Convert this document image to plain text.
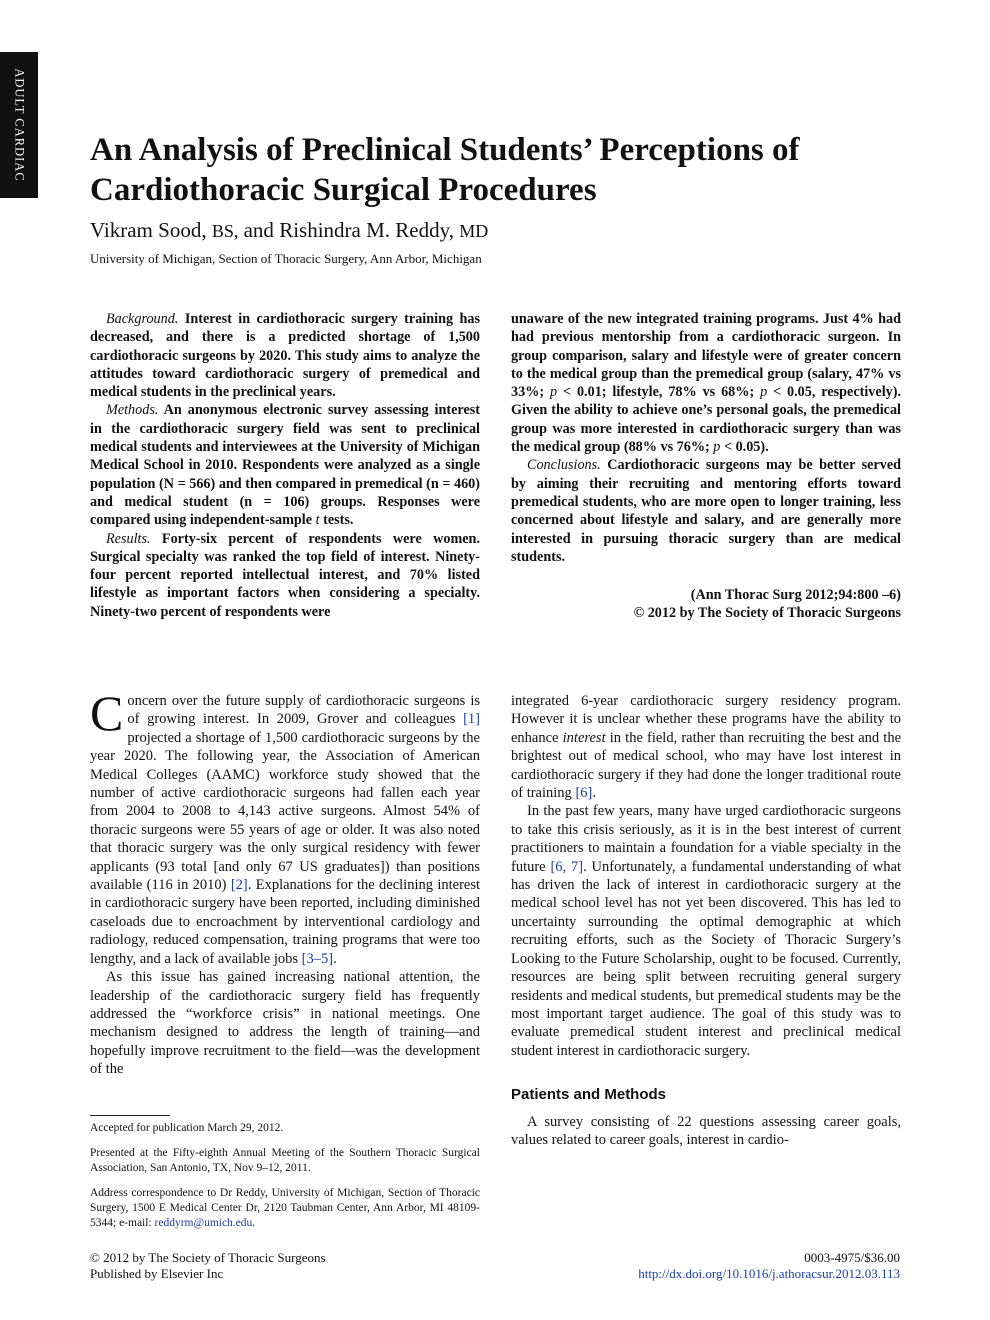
ADULT CARDIAC An Analysis of Preclinical Students’ Perceptions of Cardiothoracic Surgical Procedures

Vikram Sood, BS, and Rishindra M. Reddy, MD

University of Michigan, Section of Thoracic Surgery, Ann Arbor, Michigan

Background. Interest in cardiothoracic surgery training has decreased, and there is a predicted shortage of 1,500 cardiothoracic surgeons by 2020. This study aims to analyze the attitudes toward cardiothoracic surgery of premedical and medical students in the preclinical years.

Methods. An anonymous electronic survey assessing interest in the cardiothoracic surgery field was sent to preclinical medical students and interviewees at the University of Michigan Medical School in 2010. Respondents were analyzed as a single population (N = 566) and then compared in premedical (n = 460) and medical student (n = 106) groups. Responses were compared using independent-sample t tests.

Results. Forty-six percent of respondents were women. Surgical specialty was ranked the top field of interest. Ninety-four percent reported intellectual interest, and 70% listed lifestyle as important factors when considering a specialty. Ninety-two percent of respondents were

unaware of the new integrated training programs. Just 4% had had previous mentorship from a cardiothoracic surgeon. In group comparison, salary and lifestyle were of greater concern to the medical group than the premedical group (salary, 47% vs 33%; p < 0.01; lifestyle, 78% vs 68%; p < 0.05, respectively). Given the ability to achieve one’s personal goals, the premedical group was more interested in cardiothoracic surgery than was the medical group (88% vs 76%; p < 0.05).

Conclusions. Cardiothoracic surgeons may be better served by aiming their recruiting and mentoring efforts toward premedical students, who are more open to longer training, less concerned about lifestyle and salary, and are generally more interested in pursuing thoracic surgery than are medical students.

(Ann Thorac Surg 2012;94:800 –6)
© 2012 by The Society of Thoracic Surgeons

Concern over the future supply of cardiothoracic surgeons is of growing interest. In 2009, Grover and colleagues [1] projected a shortage of 1,500 cardiothoracic surgeons by the year 2020. The following year, the Association of American Medical Colleges (AAMC) workforce study showed that the number of active cardiothoracic surgeons had fallen each year from 2004 to 2008 to 4,143 active surgeons. Almost 54% of thoracic surgeons were 55 years of age or older. It was also noted that thoracic surgery was the only surgical residency with fewer applicants (93 total [and only 67 US graduates]) than positions available (116 in 2010) [2]. Explanations for the declining interest in cardiothoracic surgery have been reported, including diminished caseloads due to encroachment by interventional cardiology and radiology, reduced compensation, training programs that were too lengthy, and a lack of available jobs [3–5].

As this issue has gained increasing national attention, the leadership of the cardiothoracic surgery field has frequently addressed the “workforce crisis” in national meetings. One mechanism designed to address the length of training—and hopefully improve recruitment to the field—was the development of the

integrated 6-year cardiothoracic surgery residency program. However it is unclear whether these programs have the ability to enhance interest in the field, rather than recruiting the best and the brightest out of medical school, who may have lost interest in cardiothoracic surgery if they had done the longer traditional route of training [6].

In the past few years, many have urged cardiothoracic surgeons to take this crisis seriously, as it is in the best interest of current practitioners to maintain a foundation for a viable specialty in the future [6, 7]. Unfortunately, a fundamental understanding of what has driven the lack of interest in cardiothoracic surgery at the medical school level has not yet been discovered. This has led to uncertainty surrounding the optimal demographic at which recruiting efforts, such as the Society of Thoracic Surgery’s Looking to the Future Scholarship, ought to be focused. Currently, resources are being split between recruiting general surgery residents and medical students, but premedical students may be the most important target audience. The goal of this study was to evaluate premedical student interest and preclinical medical student interest in cardiothoracic surgery.

Patients and Methods

A survey consisting of 22 questions assessing career goals, values related to career goals, interest in cardio-

Accepted for publication March 29, 2012.

Presented at the Fifty-eighth Annual Meeting of the Southern Thoracic Surgical Association, San Antonio, TX, Nov 9–12, 2011.

Address correspondence to Dr Reddy, University of Michigan, Section of Thoracic Surgery, 1500 E Medical Center Dr, 2120 Taubman Center, Ann Arbor, MI 48109-5344; e-mail: reddyrm@umich.edu.

© 2012 by The Society of Thoracic Surgeons
Published by Elsevier Inc
0003-4975/$36.00
http://dx.doi.org/10.1016/j.athoracsur.2012.03.113
